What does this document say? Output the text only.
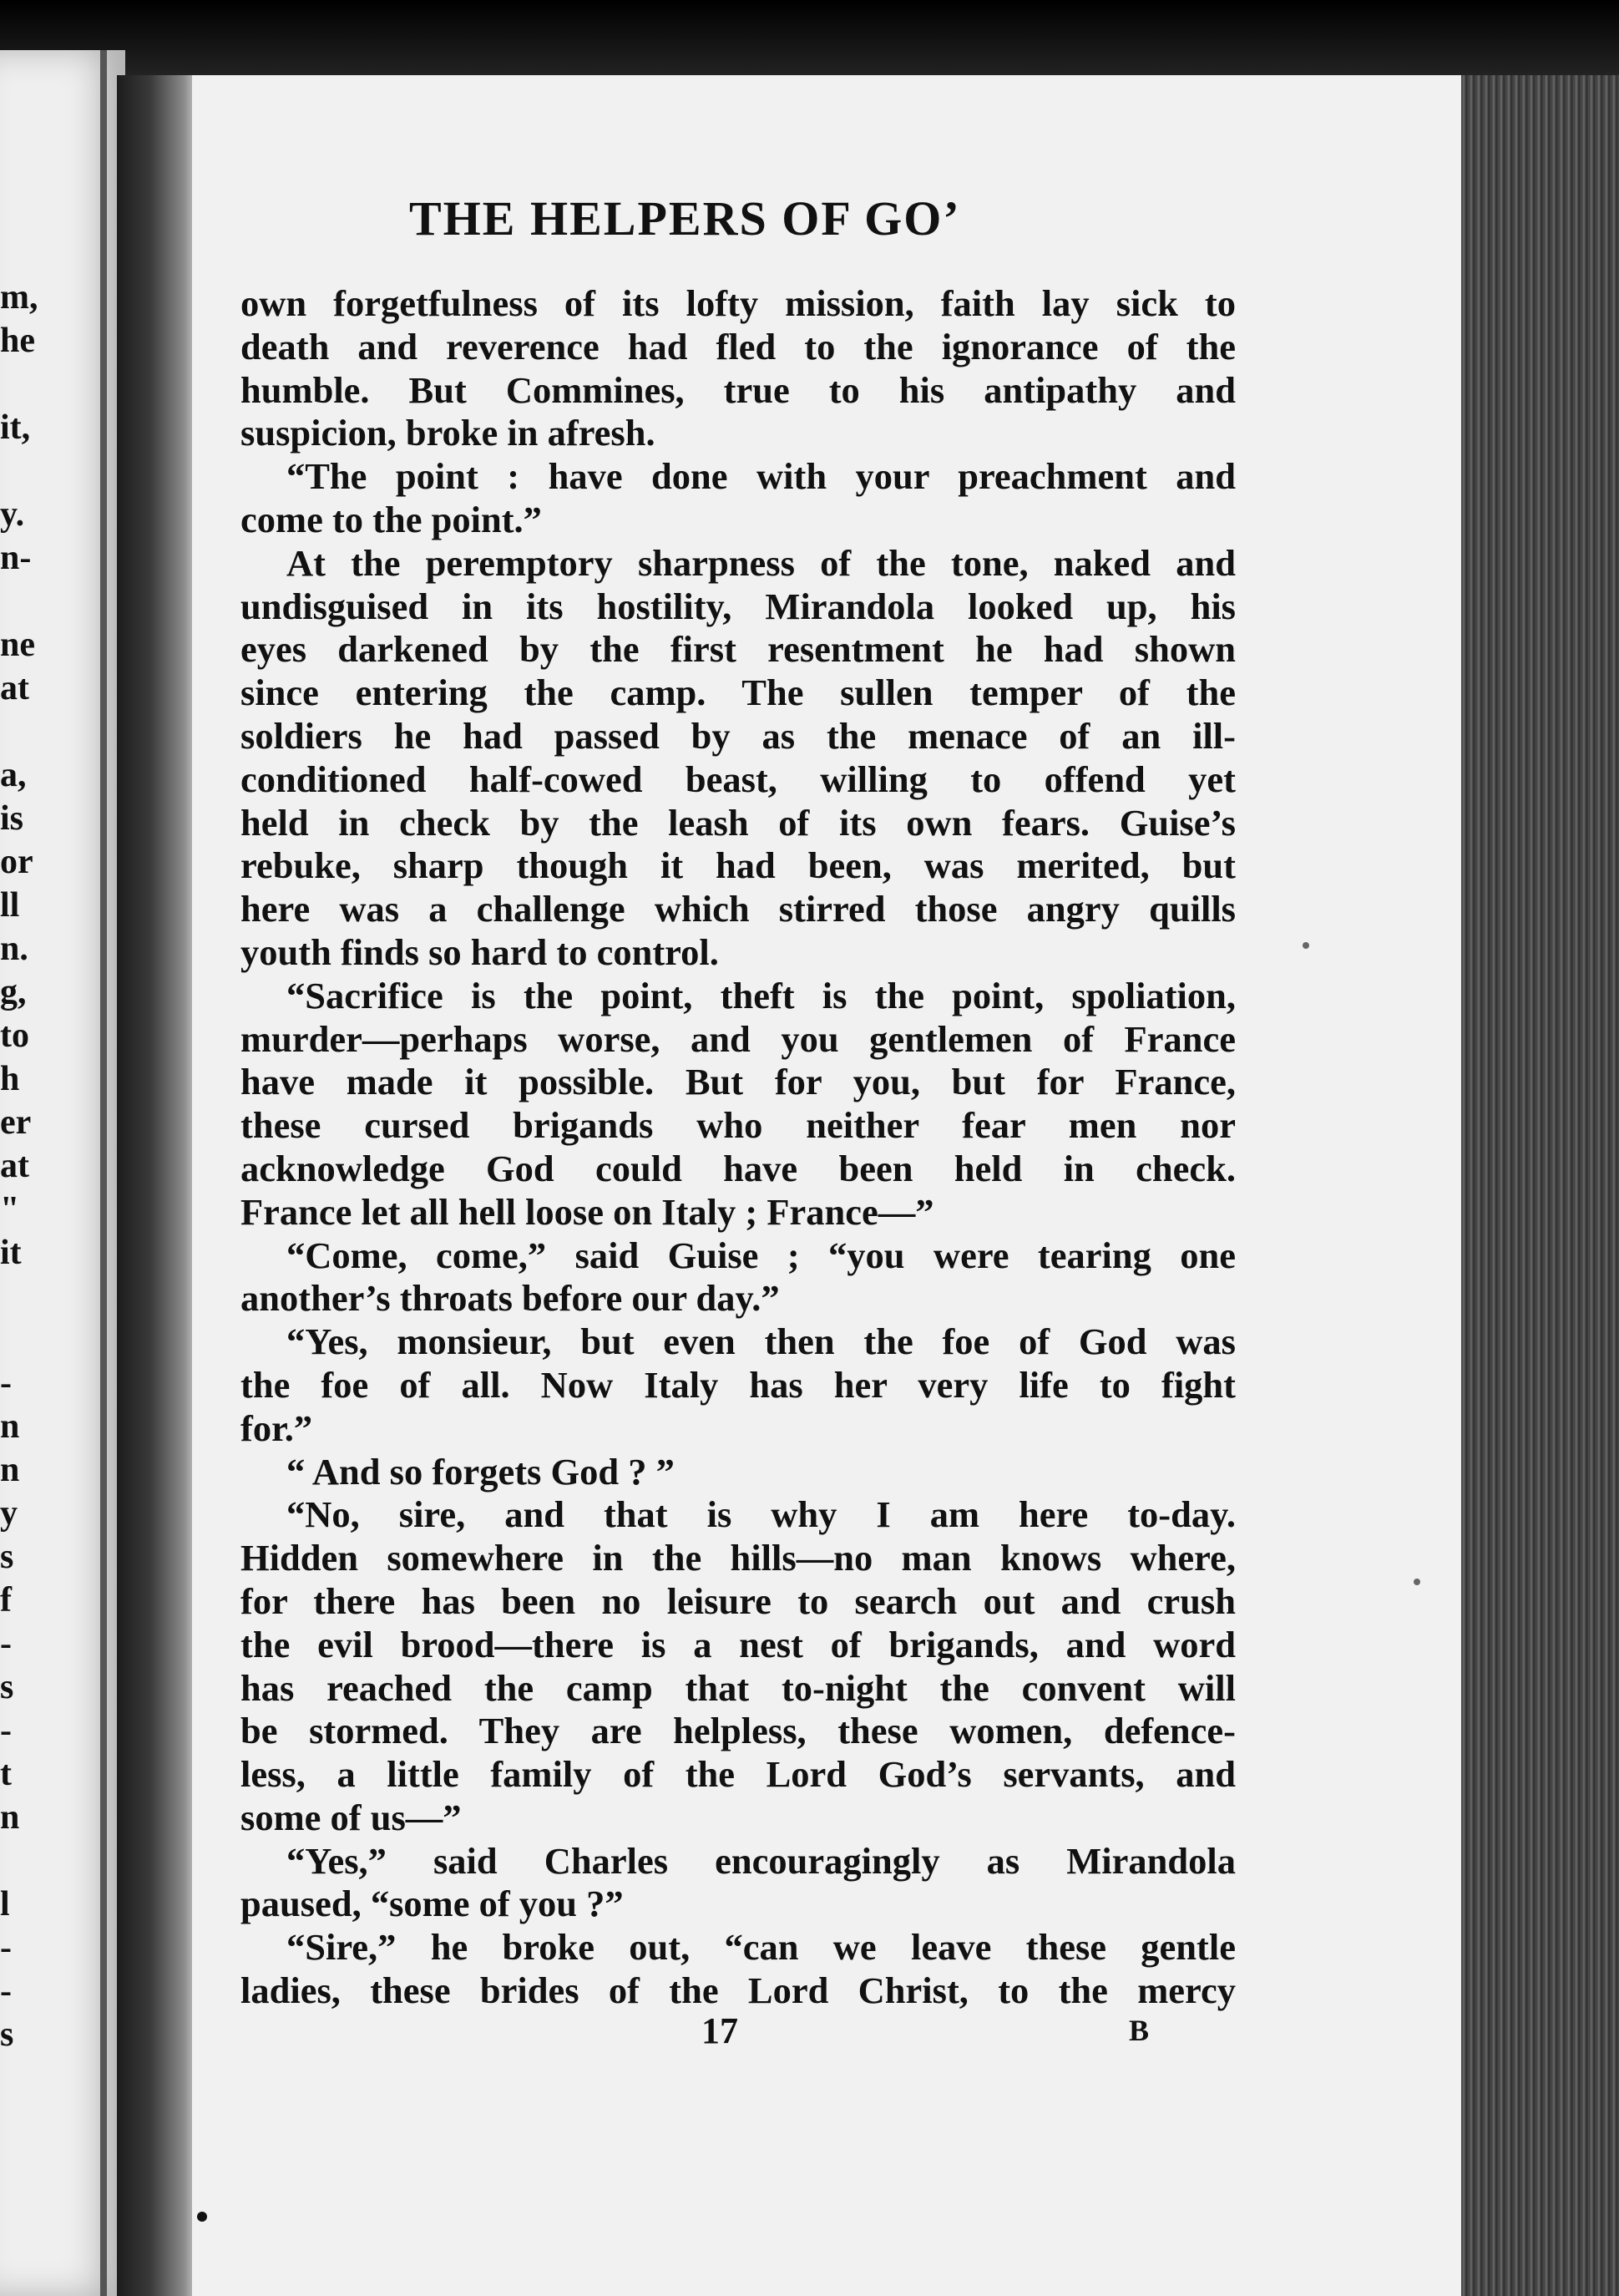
m,
he
it,
y.
n-
ne
at
a,
is
or
ll
n.
g,
to
h
er
at
"
it
-
n
n
y
s
f
-
s
-
t
n
l
-
-
s
THE HELPERS OF GO’
own forgetfulness of its lofty mission, faith lay sick to
death and reverence had fled to the ignorance of the
humble. But Commines, true to his antipathy and
suspicion, broke in afresh.
“The point : have done with your preachment and
come to the point.”
At the peremptory sharpness of the tone, naked and
undisguised in its hostility, Mirandola looked up, his
eyes darkened by the first resentment he had shown
since entering the camp. The sullen temper of the
soldiers he had passed by as the menace of an ill-
conditioned half-cowed beast, willing to offend yet
held in check by the leash of its own fears. Guise’s
rebuke, sharp though it had been, was merited, but
here was a challenge which stirred those angry quills
youth finds so hard to control.
“Sacrifice is the point, theft is the point, spoliation,
murder—perhaps worse, and you gentlemen of France
have made it possible. But for you, but for France,
these cursed brigands who neither fear men nor
acknowledge God could have been held in check.
France let all hell loose on Italy ; France—”
“Come, come,” said Guise ; “you were tearing one
another’s throats before our day.”
“Yes, monsieur, but even then the foe of God was
the foe of all. Now Italy has her very life to fight
for.”
“ And so forgets God ? ”
“No, sire, and that is why I am here to-day.
Hidden somewhere in the hills—no man knows where,
for there has been no leisure to search out and crush
the evil brood—there is a nest of brigands, and word
has reached the camp that to-night the convent will
be stormed. They are helpless, these women, defence-
less, a little family of the Lord God’s servants, and
some of us—”
“Yes,” said Charles encouragingly as Mirandola
paused, “some of you ?”
“Sire,” he broke out, “can we leave these gentle
ladies, these brides of the Lord Christ, to the mercy
17	B
